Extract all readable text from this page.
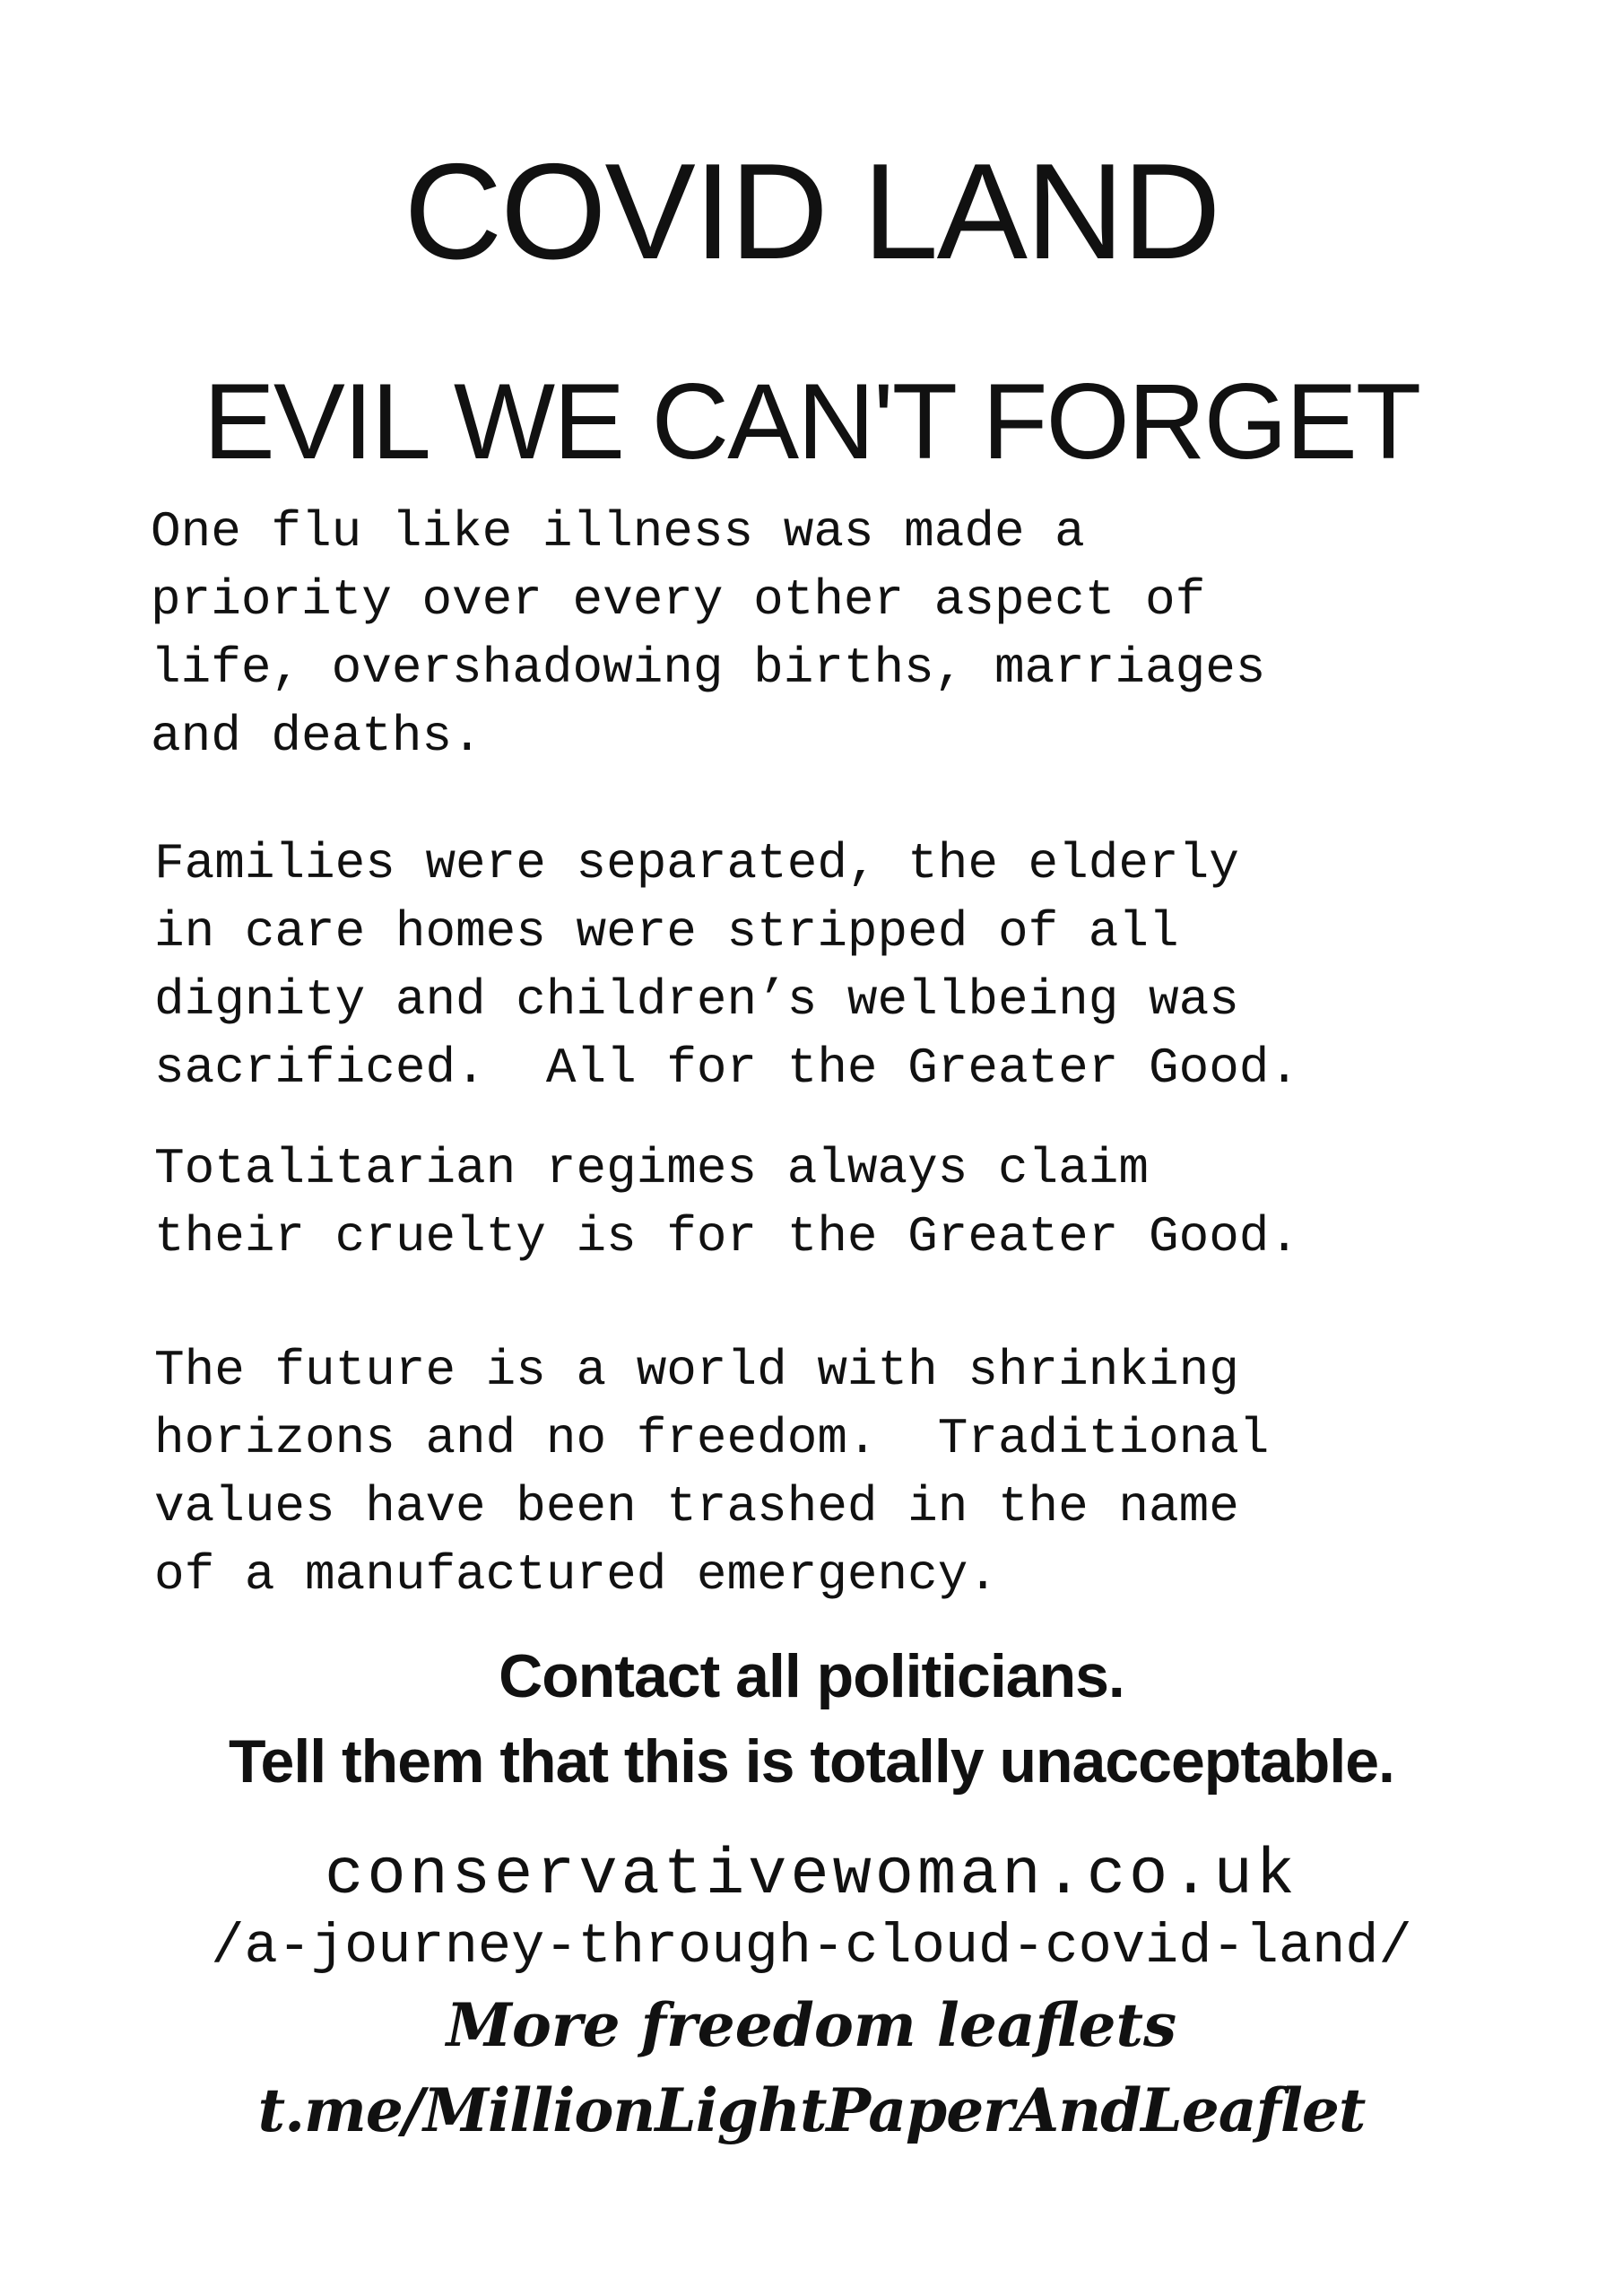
COVID LAND
EVIL WE CAN'T FORGET

One flu like illness was made a
priority over every other aspect of
life, overshadowing births, marriages
and deaths.

Families were separated, the elderly
in care homes were stripped of all
dignity and children’s wellbeing was
sacrificed.  All for the Greater Good.

Totalitarian regimes always claim
their cruelty is for the Greater Good.

The future is a world with shrinking
horizons and no freedom.  Traditional
values have been trashed in the name
of a manufactured emergency.

Contact all politicians.
Tell them that this is totally unacceptable.
conservativewoman.co.uk
/a-journey-through-cloud-covid-land/
More freedom leaflets
t.me/MillionLightPaperAndLeaflet
